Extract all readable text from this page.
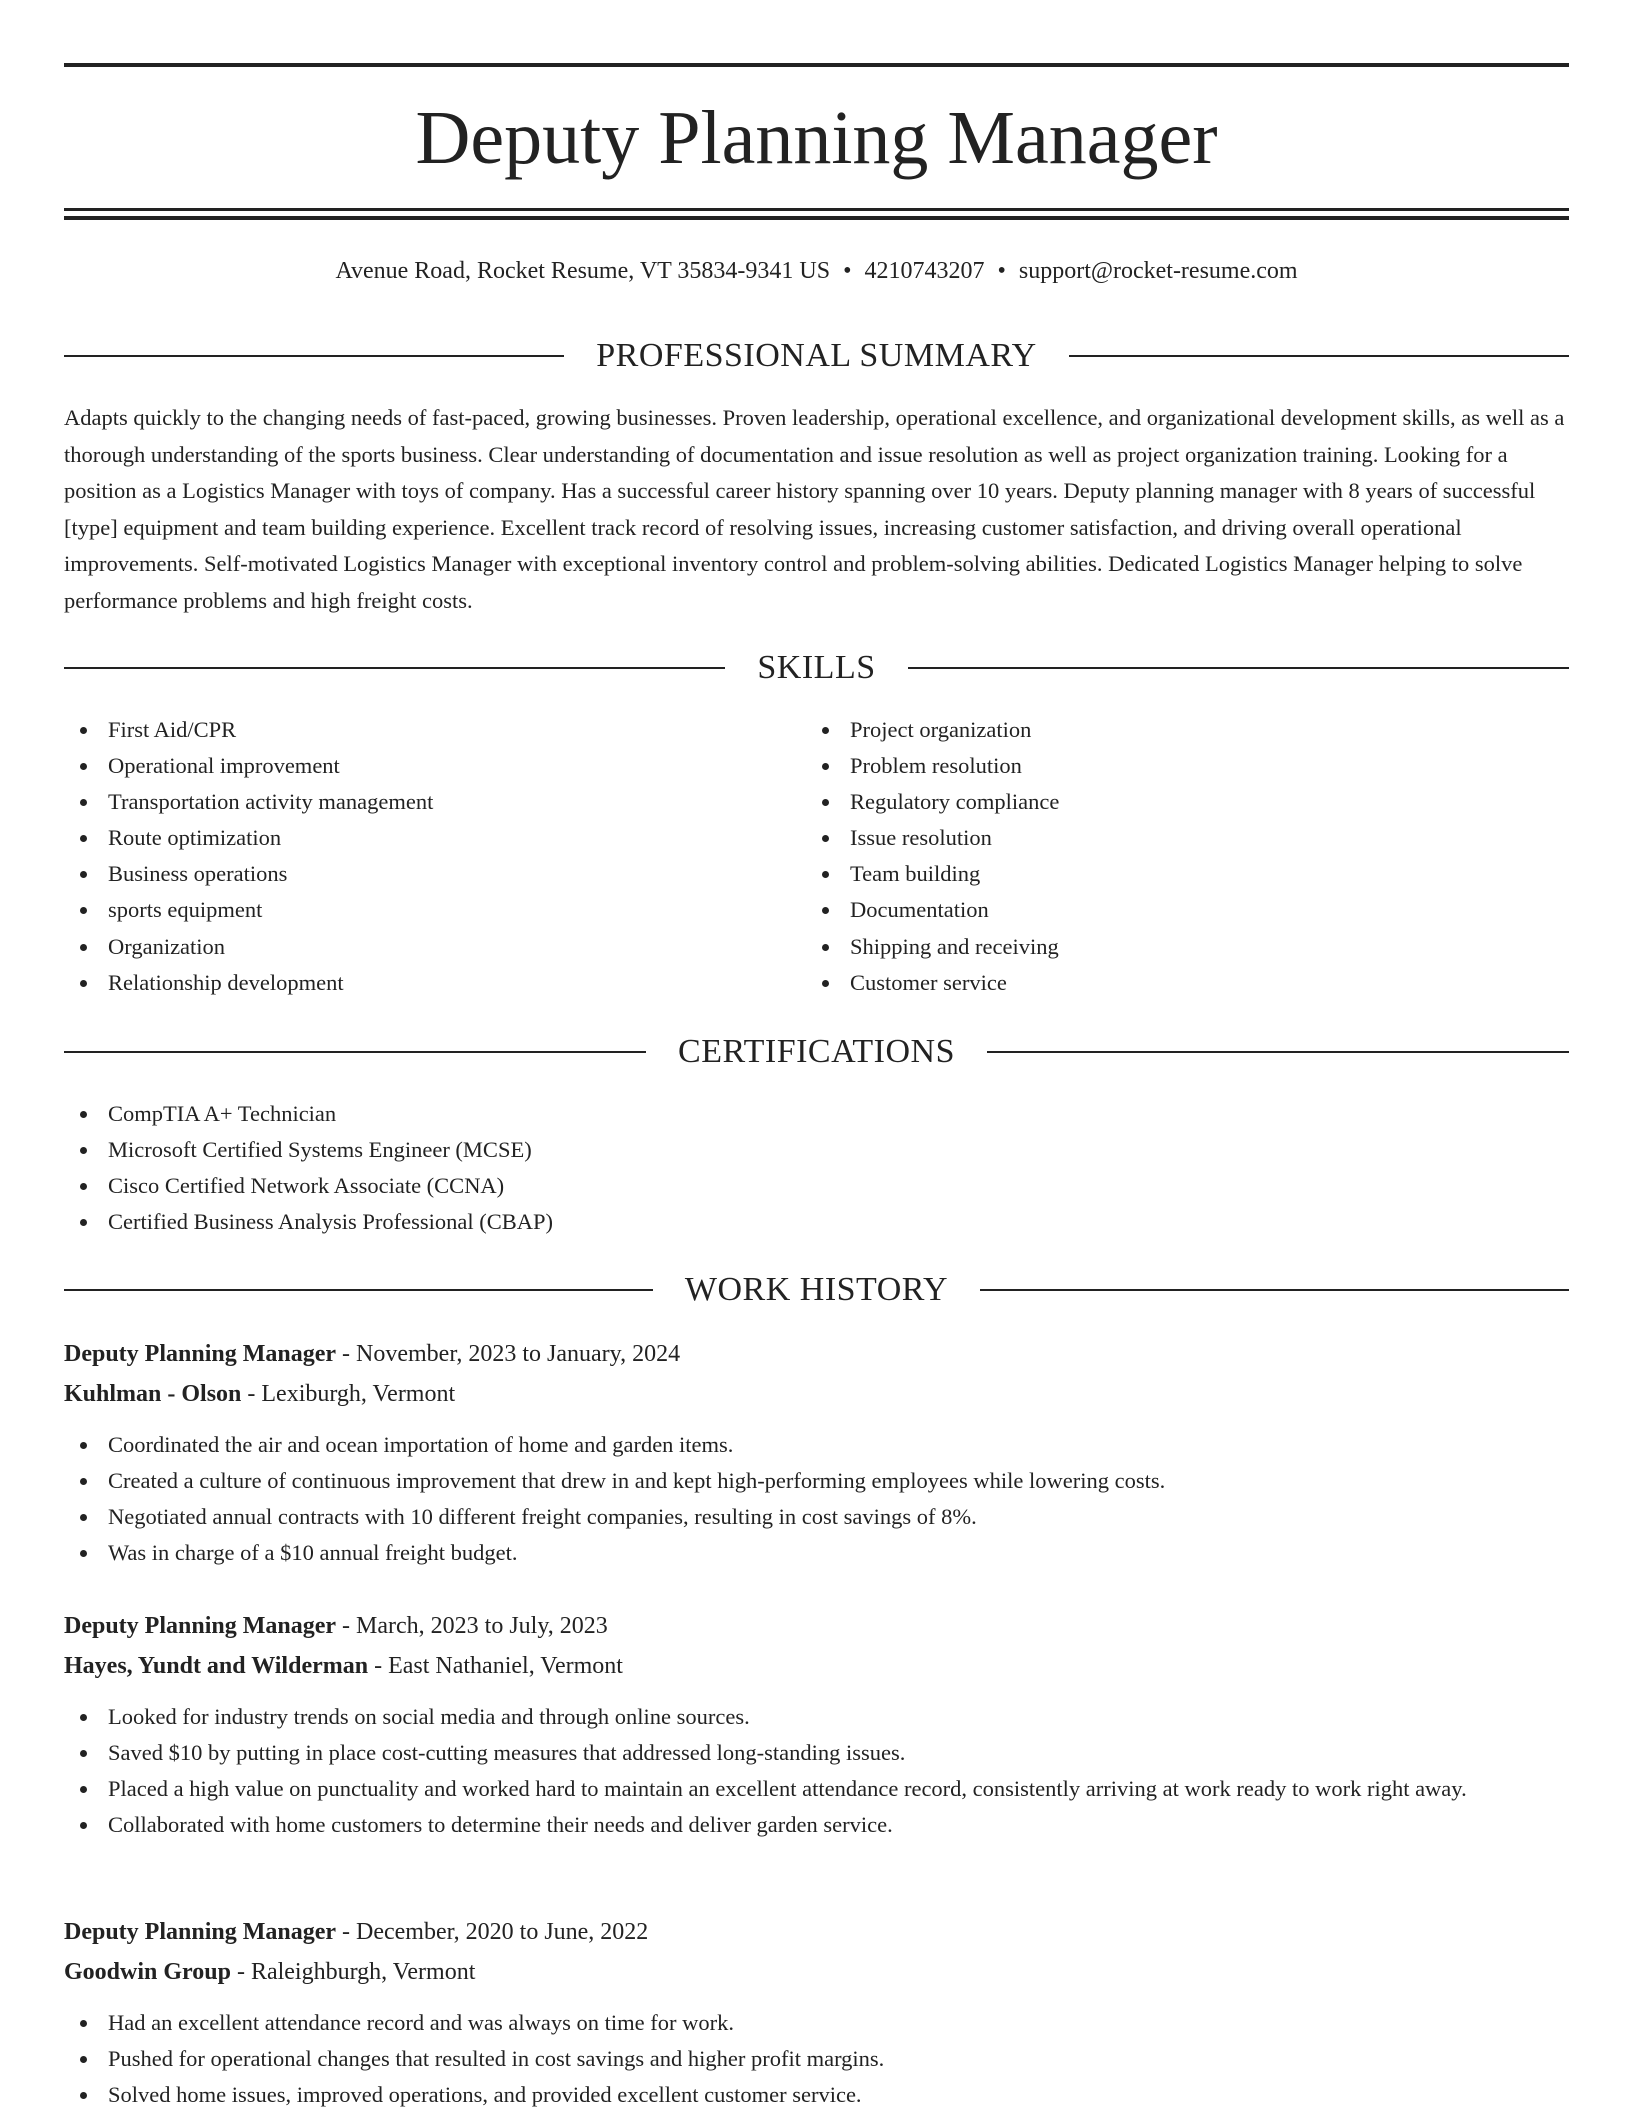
Deputy Planning Manager
Avenue Road, Rocket Resume, VT 35834-9341 US • 4210743207 • support@rocket-resume.com
PROFESSIONAL SUMMARY

Adapts quickly to the changing needs of fast-paced, growing businesses. Proven leadership, operational excellence, and organizational development skills, as well as a thorough understanding of the sports business. Clear understanding of documentation and issue resolution as well as project organization training. Looking for a position as a Logistics Manager with toys of company. Has a successful career history spanning over 10 years. Deputy planning manager with 8 years of successful [type] equipment and team building experience. Excellent track record of resolving issues, increasing customer satisfaction, and driving overall operational improvements. Self-motivated Logistics Manager with exceptional inventory control and problem-solving abilities. Dedicated Logistics Manager helping to solve performance problems and high freight costs.

SKILLS
First Aid/CPR
Operational improvement
Transportation activity management
Route optimization
Business operations
sports equipment
Organization
Relationship development
Project organization
Problem resolution
Regulatory compliance
Issue resolution
Team building
Documentation
Shipping and receiving
Customer service
CERTIFICATIONS
CompTIA A+ Technician
Microsoft Certified Systems Engineer (MCSE)
Cisco Certified Network Associate (CCNA)
Certified Business Analysis Professional (CBAP)
WORK HISTORY
Deputy Planning Manager - November, 2023 to January, 2024
Kuhlman - Olson - Lexiburgh, Vermont
Coordinated the air and ocean importation of home and garden items.
Created a culture of continuous improvement that drew in and kept high-performing employees while lowering costs.
Negotiated annual contracts with 10 different freight companies, resulting in cost savings of 8%.
Was in charge of a $10 annual freight budget.
Deputy Planning Manager - March, 2023 to July, 2023
Hayes, Yundt and Wilderman - East Nathaniel, Vermont
Looked for industry trends on social media and through online sources.
Saved $10 by putting in place cost-cutting measures that addressed long-standing issues.
Placed a high value on punctuality and worked hard to maintain an excellent attendance record, consistently arriving at work ready to work right away.
Collaborated with home customers to determine their needs and deliver garden service.
Deputy Planning Manager - December, 2020 to June, 2022
Goodwin Group - Raleighburgh, Vermont
Had an excellent attendance record and was always on time for work.
Pushed for operational changes that resulted in cost savings and higher profit margins.
Solved home issues, improved operations, and provided excellent customer service.
